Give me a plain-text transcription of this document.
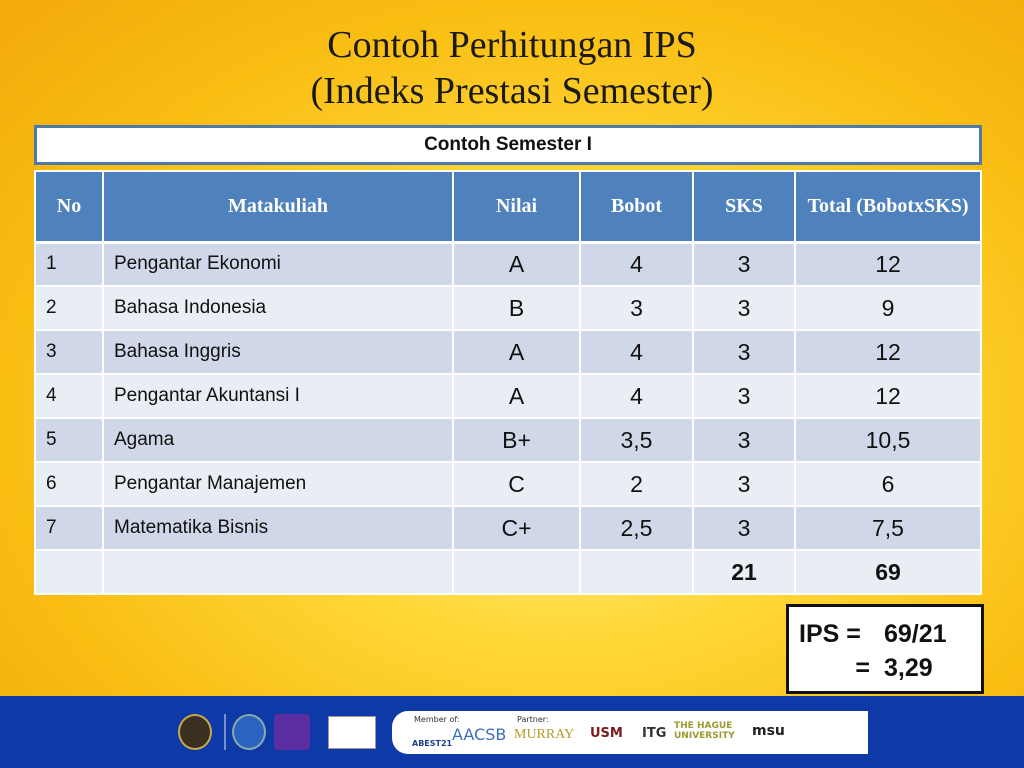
Contoh Perhitungan IPS
(Indeks Prestasi Semester)
Contoh Semester I
No	Matakuliah	Nilai	Bobot	SKS	Total (BobotxSKS)
1	Pengantar Ekonomi	A	4	3	12
2	Bahasa Indonesia	B	3	3	9
3	Bahasa Inggris	A	4	3	12
4	Pengantar Akuntansi I	A	4	3	12
5	Agama	B+	3,5	3	10,5
6	Pengantar Manajemen	C	2	3	6
7	Matematika Bisnis	C+	2,5	3	7,5
				21	69
IPS = 69/21
= 3,29
Member of:	Partner:
ABEST21 AACSB MURRAY USM ITG THE HAGUE UNIVERSITY	msu
